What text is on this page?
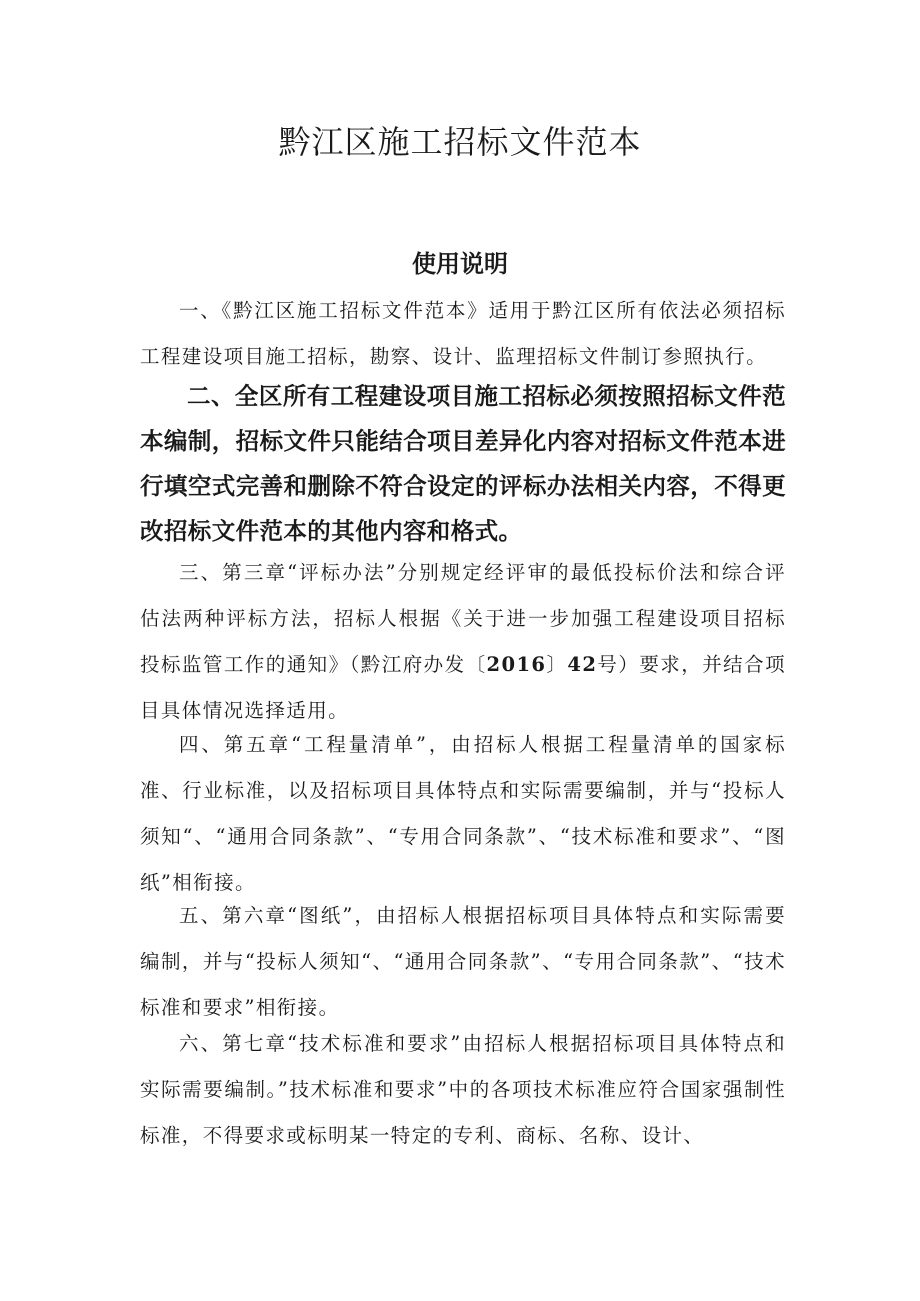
黔江区施工招标文件范本
使用说明

一、《黔江区施工招标文件范本》适用于黔江区所有依法必须招标工程建设项目施工招标，勘察、设计、监理招标文件制订参照执行。

二、全区所有工程建设项目施工招标必须按照招标文件范本编制，招标文件只能结合项目差异化内容对招标文件范本进行填空式完善和删除不符合设定的评标办法相关内容，不得更改招标文件范本的其他内容和格式。

三、第三章“评标办法”分别规定经评审的最低投标价法和综合评估法两种评标方法，招标人根据《关于进一步加强工程建设项目招标投标监管工作的通知》（黔江府办发〔2016〕42号）要求，并结合项目具体情况选择适用。

四、第五章“工程量清单”，由招标人根据工程量清单的国家标准、行业标准，以及招标项目具体特点和实际需要编制，并与“投标人须知“、“通用合同条款”、“专用合同条款”、“技术标准和要求”、“图纸”相衔接。

五、第六章“图纸”，由招标人根据招标项目具体特点和实际需要编制，并与“投标人须知“、“通用合同条款”、“专用合同条款”、“技术标准和要求”相衔接。

六、第七章“技术标准和要求”由招标人根据招标项目具体特点和实际需要编制。”技术标准和要求”中的各项技术标准应符合国家强制性标准，不得要求或标明某一特定的专利、商标、名称、设计、
